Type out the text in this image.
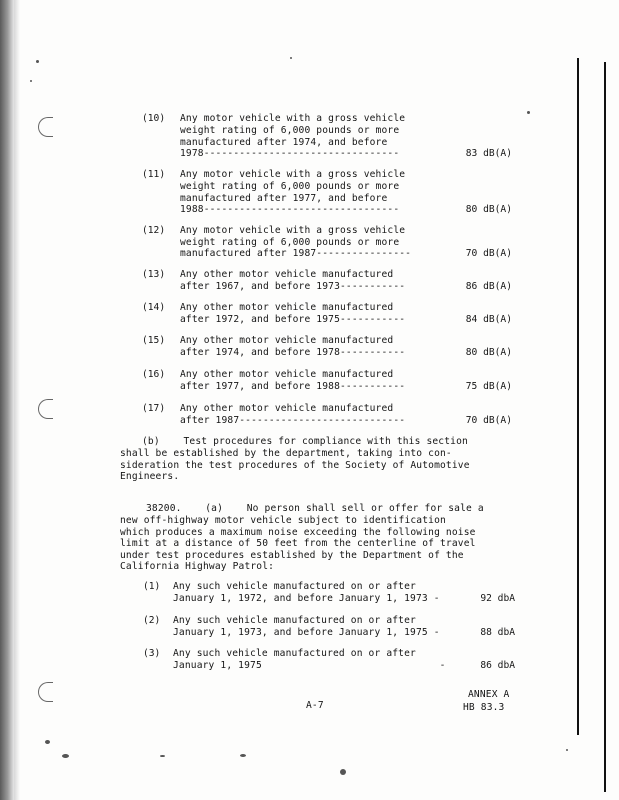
(10) Any motor vehicle with a gross vehicle
weight rating of 6,000 pounds or more
manufactured after 1974, and before
1978---------------------------------	83 dB(A)
(11) Any motor vehicle with a gross vehicle
weight rating of 6,000 pounds or more
manufactured after 1977, and before
1988---------------------------------	80 dB(A)
(12) Any motor vehicle with a gross vehicle
weight rating of 6,000 pounds or more
manufactured after 1987----------------	70 dB(A)
(13) Any other motor vehicle manufactured
after 1967, and before 1973-----------	86 dB(A)
(14) Any other motor vehicle manufactured
after 1972, and before 1975-----------	84 dB(A)
(15) Any other motor vehicle manufactured
after 1974, and before 1978-----------	80 dB(A)
(16) Any other motor vehicle manufactured
after 1977, and before 1988-----------	75 dB(A)
(17) Any other motor vehicle manufactured
after 1987----------------------------	70 dB(A)
(b)    Test procedures for compliance with this section
shall be established by the department, taking into con-
sideration the test procedures of the Society of Automotive
Engineers.
38200.    (a)    No person shall sell or offer for sale a
new off-highway motor vehicle subject to identification
which produces a maximum noise exceeding the following noise
limit at a distance of 50 feet from the centerline of travel
under test procedures established by the Department of the
California Highway Patrol:
(1) Any such vehicle manufactured on or after
January 1, 1972, and before January 1, 1973 -	92 dbA
(2) Any such vehicle manufactured on or after
January 1, 1973, and before January 1, 1975 -	88 dbA
(3) Any such vehicle manufactured on or after
January 1, 1975                              -	86 dbA
ANNEX A
A-7	HB 83.3
